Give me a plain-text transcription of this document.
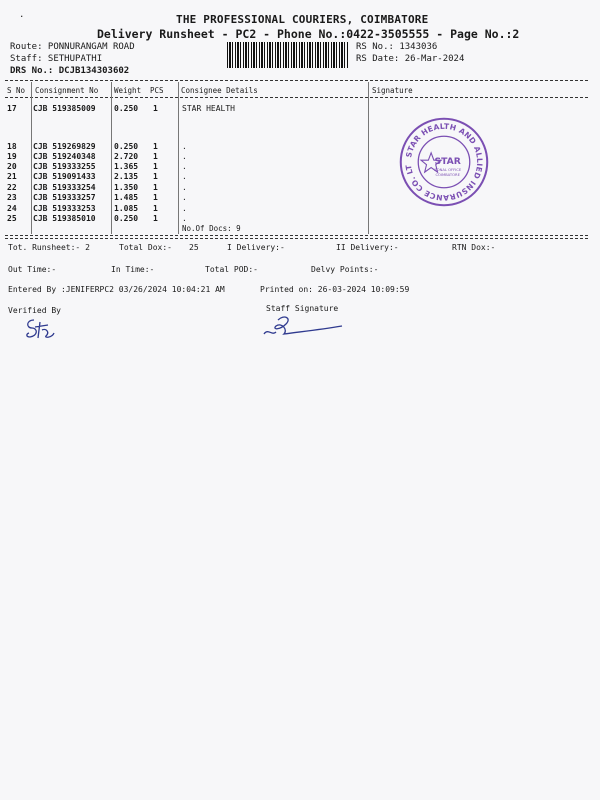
.	THE PROFESSIONAL COURIERS, COIMBATORE
Delivery Runsheet - PC2 - Phone No.:0422-3505555 - Page No.:2
Route: PONNURANGAM ROAD
Staff: SETHUPATHI
DRS No.: DCJB134303602
RS No.: 1343036
RS Date: 26-Mar-2024
S No Consignment No Weight PCS Consignee Details	Signature
17 CJB 519385009 0.250 1	STAR HEALTH
18 CJB 519269829 0.250 1	.
19 CJB 519240348 2.720 1	.
20 CJB 519333255 1.365 1	.
21 CJB 519091433 2.135 1	.
22 CJB 519333254 1.350 1	.
23 CJB 519333257 1.485 1	.
24 CJB 519333253 1.085 1	.
25 CJB 519385010 0.250 1	.
No.Of Docs: 9
STAR HEALTH AND ALLIED INSURANCE CO. LT
STAR
ZONAL OFFICE
COIMBATORE
Tot. Runsheet:- 2	Total Dox:- 25	I Delivery:-	II Delivery:-	RTN Dox:-
Out Time:-	In Time:-	Total POD:-	Delvy Points:-
Entered By :JENIFERPC2 03/26/2024 10:04:21 AM	Printed on: 26-03-2024 10:09:59
Verified By	Staff Signature
